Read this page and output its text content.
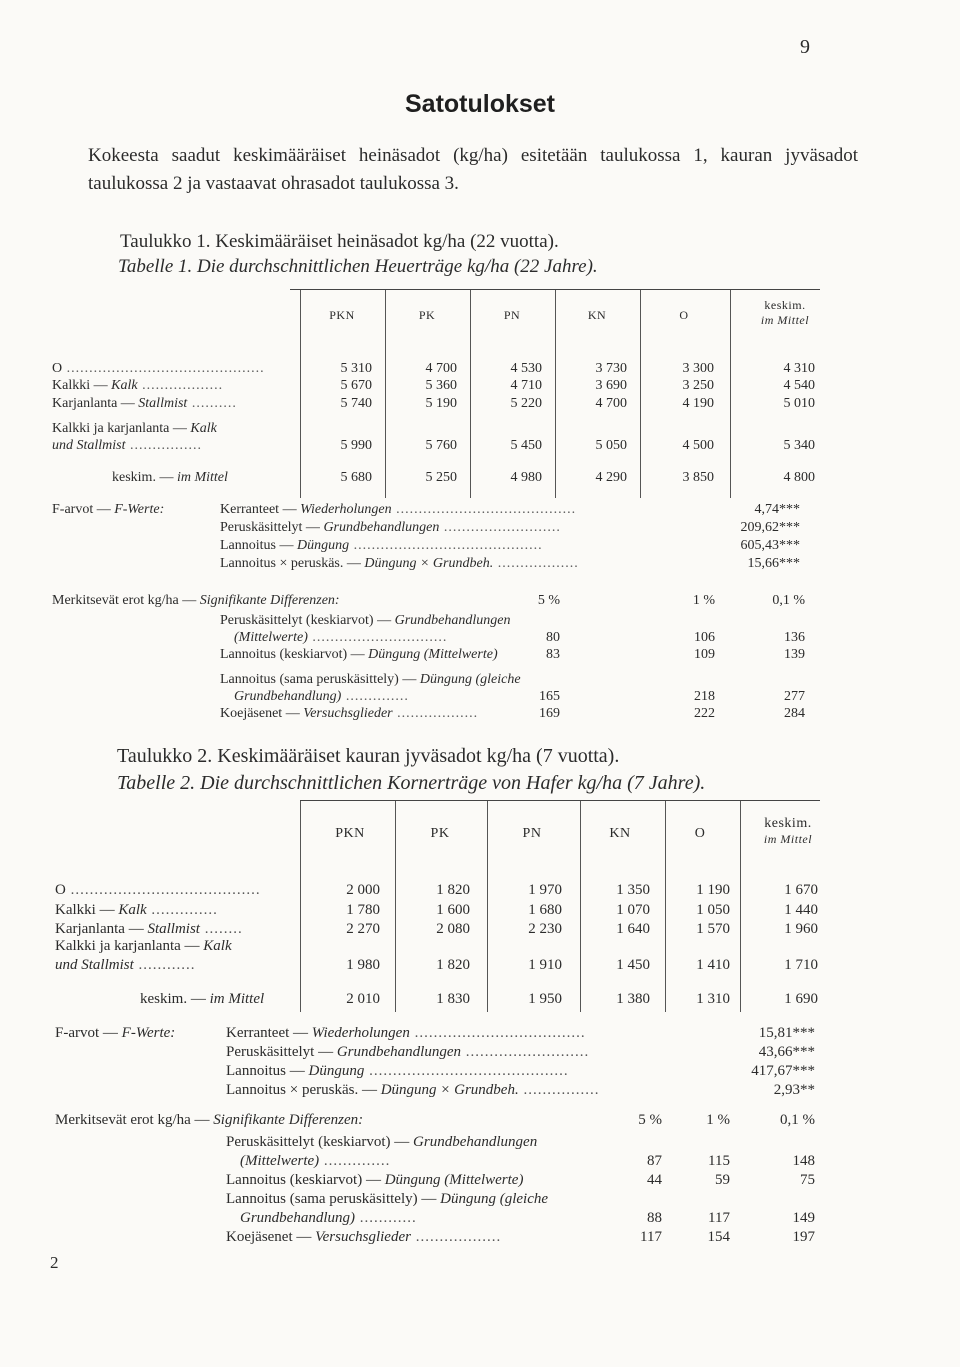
9
Satotulokset
Kokeesta saadut keskimääräiset heinäsadot (kg/ha) esitetään taulukossa 1, kauran jyväsadot taulukossa 2 ja vastaavat ohrasadot taulukossa 3.
Taulukko 1. Keskimääräiset heinäsadot kg/ha (22 vuotta).
Tabelle 1. Die durchschnittlichen Heuerträge kg/ha (22 Jahre).
PKN	PK	PN	KN	O
keskim.
im Mittel
O ............................................	5 310	4 700	4 530	3 730	3 300	4 310
Kalkki — Kalk ..................	5 670	5 360	4 710	3 690	3 250	4 540
Karjanlanta — Stallmist ..........	5 740	5 190	5 220	4 700	4 190	5 010
Kalkki ja karjanlanta — Kalk
und Stallmist ................	5 990	5 760	5 450	5 050	4 500	5 340
keskim. — im Mittel	5 680	5 250	4 980	4 290	3 850	4 800
F-arvot — F-Werte:	Kerranteet — Wiederholungen ........................................	4,74***
Peruskäsittelyt — Grundbehandlungen ..........................	209,62***
Lannoitus — Düngung ..........................................	605,43***
Lannoitus × peruskäs. — Düngung × Grundbeh. ..................	15,66***
Merkitsevät erot kg/ha — Signifikante Differenzen:	5 %	1 %	0,1 %
Peruskäsittelyt (keskiarvot) — Grundbehandlungen
(Mittelwerte) ..............................	80	106	136
Lannoitus (keskiarvot) — Düngung (Mittelwerte)	83	109	139
Lannoitus (sama peruskäsittely) — Düngung (gleiche
Grundbehandlung) ..............	165	218	277
Koejäsenet — Versuchsglieder ..................	169	222	284
Taulukko 2. Keskimääräiset kauran jyväsadot kg/ha (7 vuotta).
Tabelle 2. Die durchschnittlichen Kornerträge von Hafer kg/ha (7 Jahre).
PKN	PK	PN	KN	O
keskim.
im Mittel
O ........................................	2 000	1 820	1 970	1 350	1 190	1 670
Kalkki — Kalk ..............	1 780	1 600	1 680	1 070	1 050	1 440
Karjanlanta — Stallmist ........	2 270	2 080	2 230	1 640	1 570	1 960
Kalkki ja karjanlanta — Kalk
und Stallmist ............	1 980	1 820	1 910	1 450	1 410	1 710
keskim. — im Mittel	2 010	1 830	1 950	1 380	1 310	1 690
F-arvot — F-Werte:	Kerranteet — Wiederholungen ....................................	15,81***
Peruskäsittelyt — Grundbehandlungen ..........................	43,66***
Lannoitus — Düngung ..........................................	417,67***
Lannoitus × peruskäs. — Düngung × Grundbeh. ................	2,93**
Merkitsevät erot kg/ha — Signifikante Differenzen:	5 %	1 %	0,1 %
Peruskäsittelyt (keskiarvot) — Grundbehandlungen
(Mittelwerte) ..............	87	115	148
Lannoitus (keskiarvot) — Düngung (Mittelwerte)	44	59	75
Lannoitus (sama peruskäsittely) — Düngung (gleiche
Grundbehandlung) ............	88	117	149
Koejäsenet — Versuchsglieder ..................	117	154	197
2
